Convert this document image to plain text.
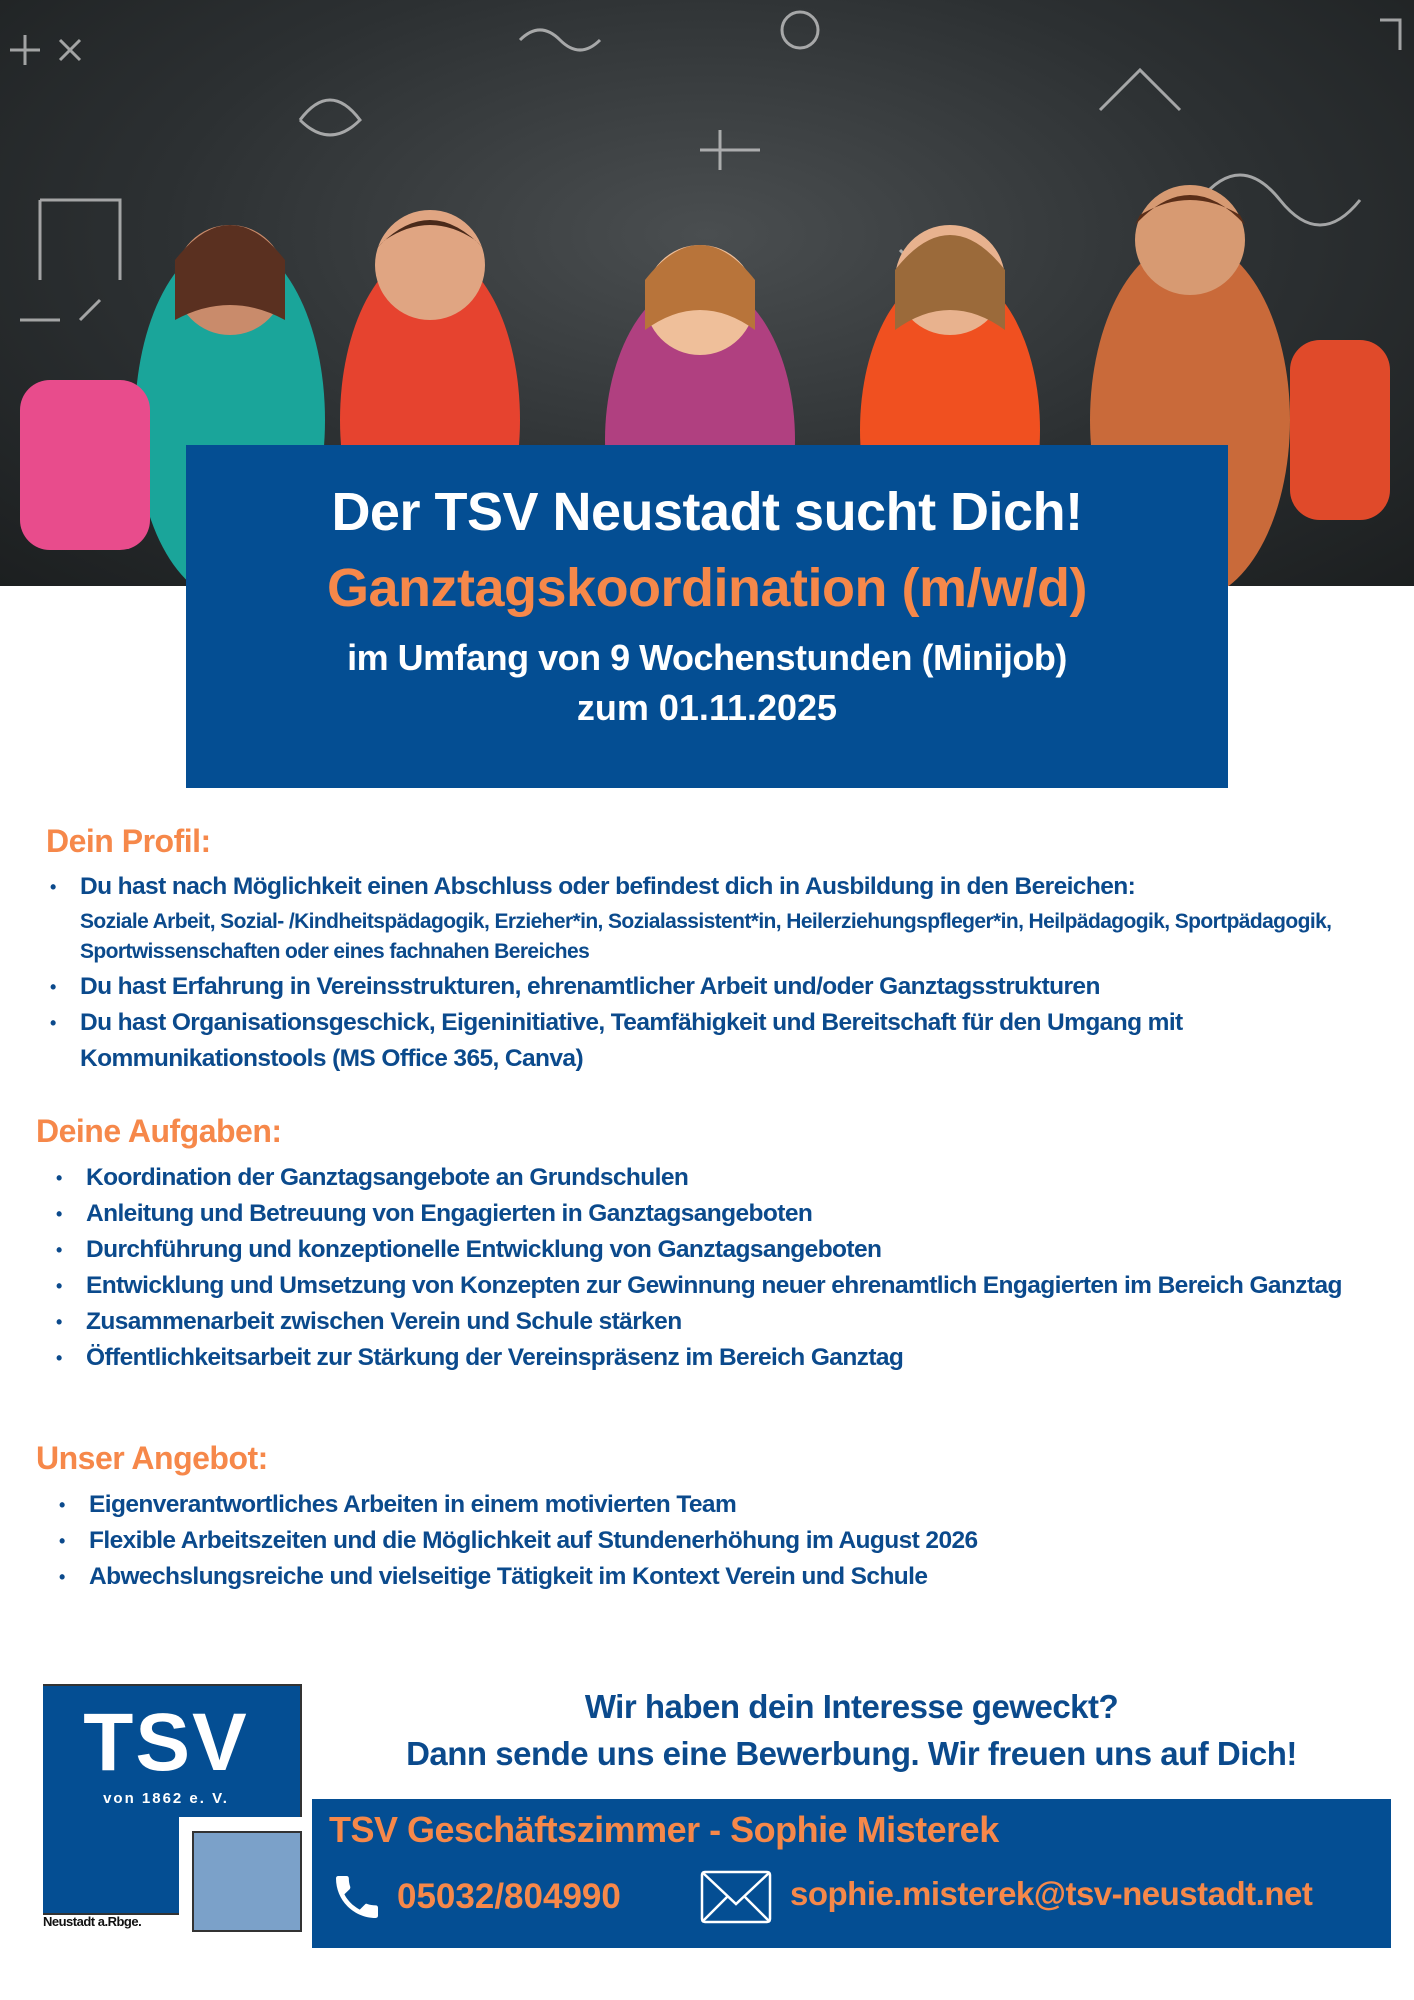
Der TSV Neustadt sucht Dich!
Ganztagskoordination (m/w/d)
im Umfang von 9 Wochenstunden (Minijob)
zum 01.11.2025
Dein Profil:
• Du hast nach Möglichkeit einen Abschluss oder befindest dich in Ausbildung in den Bereichen:
Soziale Arbeit, Sozial- /Kindheitspädagogik, Erzieher*in, Sozialassistent*in, Heilerziehungspfleger*in, Heilpädagogik, Sportpädagogik, Sportwissenschaften oder eines fachnahen Bereiches
• Du hast Erfahrung in Vereinsstrukturen, ehrenamtlicher Arbeit und/oder Ganztagsstrukturen
• Du hast Organisationsgeschick, Eigeninitiative, Teamfähigkeit und Bereitschaft für den Umgang mit Kommunikationstools (MS Office 365, Canva)
Deine Aufgaben:
• Koordination der Ganztagsangebote an Grundschulen
• Anleitung und Betreuung von Engagierten in Ganztagsangeboten
• Durchführung und konzeptionelle Entwicklung von Ganztagsangeboten
• Entwicklung und Umsetzung von Konzepten zur Gewinnung neuer ehrenamtlich Engagierten im Bereich Ganztag
• Zusammenarbeit zwischen Verein und Schule stärken
• Öffentlichkeitsarbeit zur Stärkung der Vereinspräsenz im Bereich Ganztag
Unser Angebot:
• Eigenverantwortliches Arbeiten in einem motivierten Team
• Flexible Arbeitszeiten und die Möglichkeit auf Stundenerhöhung im August 2026
• Abwechslungsreiche und vielseitige Tätigkeit im Kontext Verein und Schule
TSV
von 1862 e. V.
Neustadt a.Rbge.
Wir haben dein Interesse geweckt?
Dann sende uns eine Bewerbung. Wir freuen uns auf Dich!
TSV Geschäftszimmer - Sophie Misterek
05032/804990	sophie.misterek@tsv-neustadt.net
